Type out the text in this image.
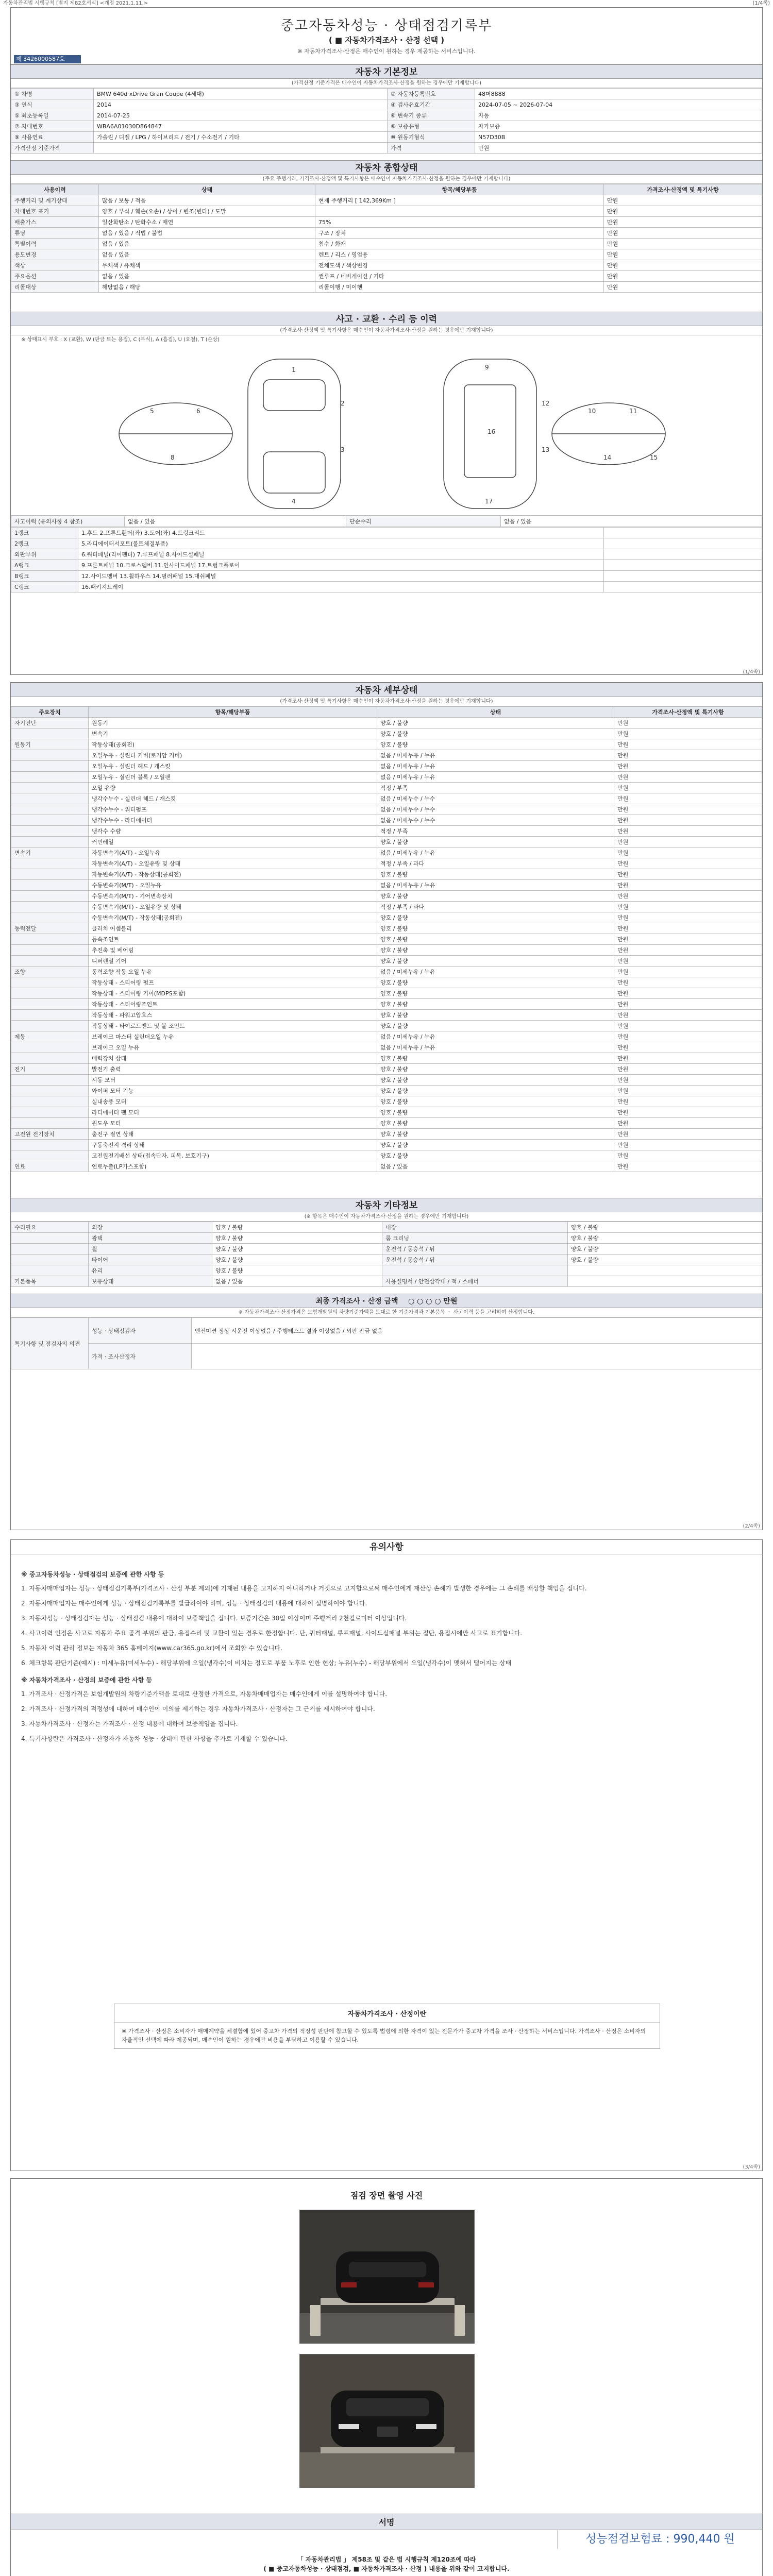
자동차관리법 시행규칙 [별지 제82호서식] <개정 2021.1.11.>	(1/4쪽)
중고자동차성능 · 상태점검기록부
( ■ 자동차가격조사 · 산정 선택 )
※ 자동차가격조사·산정은 매수인이 원하는 경우 제공하는 서비스입니다.
제 3426000587호
자동차 기본정보
(가격산정 기준가격은 매수인이 자동차가격조사·산정을 원하는 경우에만 기재합니다)
① 차명	BMW 640d xDrive Gran Coupe (4세대)	② 자동차등록번호	48머8888
③ 연식	2014	④ 검사유효기간	2024-07-05 ~ 2026-07-04
⑤ 최초등록일	2014-07-25	⑥ 변속기 종류	자동
⑦ 차대번호	WBA6A01030D864847	⑧ 보증유형	자가보증
⑨ 사용연료	가솔린 / 디젤 / LPG / 하이브리드 / 전기 / 수소전기 / 기타	⑩ 원동기형식	N57D30B
가격산정 기준가격		가격	만원
자동차 종합상태
(주요 주행거리, 가격조사·산정액 및 특기사항은 매수인이 자동차가격조사·산정을 원하는 경우에만 기재합니다)
사용이력	상태	항목/해당부품	가격조사·산정액 및 특기사항
주행거리 및 계기상태	많음 / 보통 / 적음	현재 주행거리 [ 142,369Km ]	만원
차대번호 표기	양호 / 부식 / 훼손(오손) / 상이 / 변조(변타) / 도말		만원
배출가스	일산화탄소 / 탄화수소 / 매연	75%	만원
튜닝	없음 / 있음 / 적법 / 불법	구조 / 장치	만원
특별이력	없음 / 있음	침수 / 화재	만원
용도변경	없음 / 있음	렌트 / 리스 / 영업용	만원
색상	무채색 / 유채색	전체도색 / 색상변경	만원
주요옵션	없음 / 있음	썬루프 / 네비게이션 / 기타	만원
리콜대상	해당없음 / 해당	리콜이행 / 미이행	만원
사고 · 교환 · 수리 등 이력
(가격조사·산정액 및 특기사항은 매수인이 자동차가격조사·산정을 원하는 경우에만 기재합니다)
※ 상태표시 부호 : X (교환), W (판금 또는 용접), C (부식), A (흠집), U (요철), T (손상)
1
2
3
4
9
12
13
16
17
5	6
8
10	11
14	15
사고이력 (유의사항 4 참조)	없음 / 있음	단순수리	없음 / 있음
1랭크	1.후드 2.프론트휀더(좌) 3.도어(좌) 4.트렁크리드	
2랭크	5.라디에이터서포트(볼트체결부품)	
외판부위	6.쿼터패널(리어펜더) 7.루프패널 8.사이드실패널	
A랭크	9.프론트패널 10.크로스멤버 11.인사이드패널 17.트렁크플로어	
B랭크	12.사이드멤버 13.휠하우스 14.필러패널 15.대쉬패널	
C랭크	16.패키지트레이	
(1/4쪽)
자동차 세부상태
(가격조사·산정액 및 특기사항은 매수인이 자동차가격조사·산정을 원하는 경우에만 기재합니다)
주요장치	항목/해당부품	상태	가격조사·산정액 및 특기사항
자기진단	원동기	양호 / 불량	만원
	변속기	양호 / 불량	만원
원동기	작동상태(공회전)	양호 / 불량	만원
	오일누유 - 실린더 커버(로커암 커버)	없음 / 미세누유 / 누유	만원
	오일누유 - 실린더 헤드 / 개스킷	없음 / 미세누유 / 누유	만원
	오일누유 - 실린더 블록 / 오일팬	없음 / 미세누유 / 누유	만원
	오일 유량	적정 / 부족	만원
	냉각수누수 - 실린더 헤드 / 개스킷	없음 / 미세누수 / 누수	만원
	냉각수누수 - 워터펌프	없음 / 미세누수 / 누수	만원
	냉각수누수 - 라디에이터	없음 / 미세누수 / 누수	만원
	냉각수 수량	적정 / 부족	만원
	커먼레일	양호 / 불량	만원
변속기	자동변속기(A/T) - 오일누유	없음 / 미세누유 / 누유	만원
	자동변속기(A/T) - 오일유량 및 상태	적정 / 부족 / 과다	만원
	자동변속기(A/T) - 작동상태(공회전)	양호 / 불량	만원
	수동변속기(M/T) - 오일누유	없음 / 미세누유 / 누유	만원
	수동변속기(M/T) - 기어변속장치	양호 / 불량	만원
	수동변속기(M/T) - 오일유량 및 상태	적정 / 부족 / 과다	만원
	수동변속기(M/T) - 작동상태(공회전)	양호 / 불량	만원
동력전달	클러치 어셈블리	양호 / 불량	만원
	등속조인트	양호 / 불량	만원
	추진축 및 베어링	양호 / 불량	만원
	디퍼렌셜 기어	양호 / 불량	만원
조향	동력조향 작동 오일 누유	없음 / 미세누유 / 누유	만원
	작동상태 - 스티어링 펌프	양호 / 불량	만원
	작동상태 - 스티어링 기어(MDPS포함)	양호 / 불량	만원
	작동상태 - 스티어링조인트	양호 / 불량	만원
	작동상태 - 파워고압호스	양호 / 불량	만원
	작동상태 - 타이로드엔드 및 볼 조인트	양호 / 불량	만원
제동	브레이크 마스터 실린더오일 누유	없음 / 미세누유 / 누유	만원
	브레이크 오일 누유	없음 / 미세누유 / 누유	만원
	배력장치 상태	양호 / 불량	만원
전기	발전기 출력	양호 / 불량	만원
	시동 모터	양호 / 불량	만원
	와이퍼 모터 기능	양호 / 불량	만원
	실내송풍 모터	양호 / 불량	만원
	라디에이터 팬 모터	양호 / 불량	만원
	윈도우 모터	양호 / 불량	만원
고전원 전기장치	충전구 절연 상태	양호 / 불량	만원
	구동축전지 격리 상태	양호 / 불량	만원
	고전원전기배선 상태(접속단자, 피복, 보호기구)	양호 / 불량	만원
연료	연료누출(LP가스포함)	없음 / 있음	만원
자동차 기타정보
(※ 항목은 매수인이 자동차가격조사·산정을 원하는 경우에만 기재합니다)
수리필요	외장	양호 / 불량	내장	양호 / 불량
	광택	양호 / 불량	룸 크리닝	양호 / 불량
	휠	양호 / 불량	운전석 / 동승석 / 뒤	양호 / 불량
	타이어	양호 / 불량	운전석 / 동승석 / 뒤	양호 / 불량
	유리	양호 / 불량		
기본품목	보유상태	없음 / 있음	사용설명서 / 안전삼각대 / 잭 / 스패너	
최종 가격조사 · 산정 금액 ○ ○ ○ ○ 만원
※ 자동차가격조사·산정가격은 보험개발원의 차량기준가액을 토대로 한 기준가격과 기본품목 ㆍ 사고이력 등을 고려하여 산정합니다.
특기사항 및 점검자의 의견	성능 · 상태점검자	엔진미션 정상 시운전 이상없음 / 주행테스트 결과 이상없음 / 외판 판금 없음
	가격 · 조사산정자	
(2/4쪽)
유의사항
※ 중고자동차성능 · 상태점검의 보증에 관한 사항 등

1. 자동차매매업자는 성능 · 상태점검기록부(가격조사 · 산정 부분 제외)에 기재된 내용을 고지하지 아니하거나 거짓으로 고지함으로써 매수인에게 재산상 손해가 발생한 경우에는 그 손해를 배상할 책임을 집니다.

2. 자동차매매업자는 매수인에게 성능 · 상태점검기록부를 발급하여야 하며, 성능 · 상태점검의 내용에 대하여 설명하여야 합니다.

3. 자동차성능 · 상태점검자는 성능 · 상태점검 내용에 대하여 보증책임을 집니다. 보증기간은 30일 이상이며 주행거리 2천킬로미터 이상입니다.

4. 사고이력 인정은 사고로 자동차 주요 골격 부위의 판금, 용접수리 및 교환이 있는 경우로 한정합니다. 단, 쿼터패널, 루프패널, 사이드실패널 부위는 절단, 용접시에만 사고로 표기합니다.

5. 자동차 이력 관리 정보는 자동차 365 홈페이지(www.car365.go.kr)에서 조회할 수 있습니다.

6. 체크항목 판단기준(예시) : 미세누유(미세누수) - 해당부위에 오일(냉각수)이 비치는 정도로 부품 노후로 인한 현상; 누유(누수) - 해당부위에서 오일(냉각수)이 맺혀서 떨어지는 상태

※ 자동차가격조사 · 산정의 보증에 관한 사항 등

1. 가격조사 · 산정가격은 보험개발원의 차량기준가액을 토대로 산정한 가격으로, 자동차매매업자는 매수인에게 이를 설명하여야 합니다.

2. 가격조사 · 산정가격의 적정성에 대하여 매수인이 이의를 제기하는 경우 자동차가격조사 · 산정자는 그 근거를 제시하여야 합니다.

3. 자동차가격조사 · 산정자는 가격조사 · 산정 내용에 대하여 보증책임을 집니다.

4. 특기사항란은 가격조사 · 산정자가 자동차 성능 · 상태에 관한 사항을 추가로 기재할 수 있습니다.

자동차가격조사 · 산정이란
※ 가격조사 · 산정은 소비자가 매매계약을 체결함에 있어 중고차 가격의 적정성 판단에 참고할 수 있도록 법령에 의한 자격이 있는 전문가가 중고차 가격을 조사 · 산정하는 서비스입니다. 가격조사 · 산정은 소비자의 자율적인 선택에 따라 제공되며, 매수인이 원하는 경우에만 비용을 부담하고 이용할 수 있습니다.
(3/4쪽)
점검 장면 촬영 사진
서명
성능점검보험료 : 990,440 원
「 자동차관리법 」 제58조 및 같은 법 시행규칙 제120조에 따라
( ■ 중고자동차성능 · 상태점검, ■ 자동차가격조사 · 산정 ) 내용을 위와 같이 고지합니다.
